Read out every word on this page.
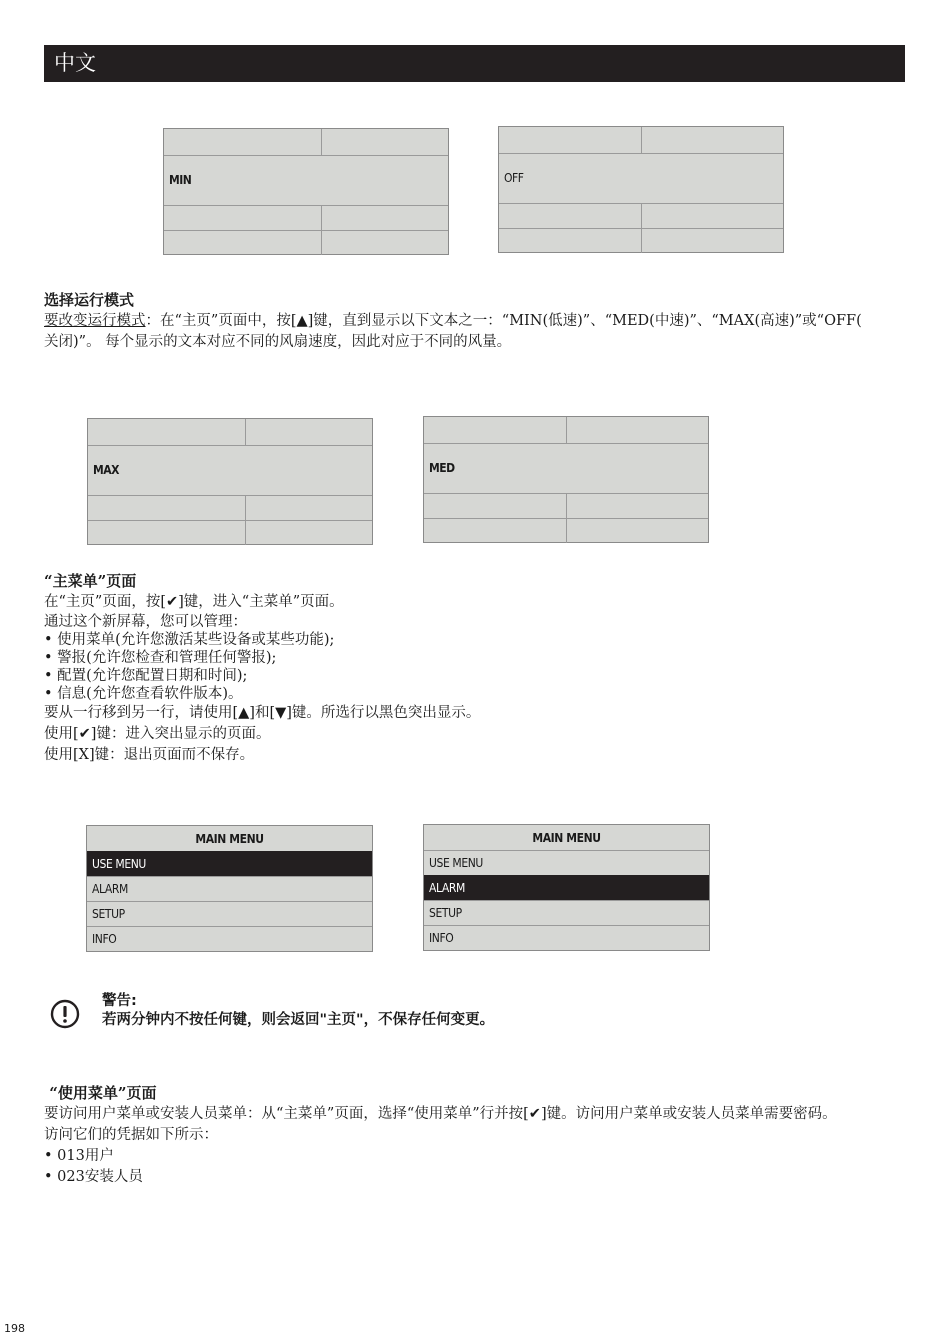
中文
MIN	OFF
选择运行模式
要改变运行模式：在“主页”页面中，按[▲]键，直到显示以下文本之一：“MIN(低速)”、“MED(中速)”、“MAX(高速)”或“OFF(
关闭)”。 每个显示的文本对应不同的风扇速度，因此对应于不同的风量。
MAX	MED
“主菜单”页面
在“主页”页面，按[✔]键，进入“主菜单”页面。
通过这个新屏幕，您可以管理：
• 使用菜单(允许您激活某些设备或某些功能);
• 警报(允许您检查和管理任何警报);
• 配置(允许您配置日期和时间);
• 信息(允许您查看软件版本)。
要从一行移到另一行，请使用[▲]和[▼]键。所选行以黑色突出显示。
使用[✔]键：进入突出显示的页面。
使用[X]键：退出页面而不保存。
MAIN MENU
USE MENU
ALARM
SETUP
INFO
MAIN MENU
USE MENU
ALARM
SETUP
INFO
警告:
若两分钟内不按任何键，则会返回"主页"，不保存任何变更。
“使用菜单”页面
要访问用户菜单或安装人员菜单：从“主菜单”页面，选择“使用菜单”行并按[✔]键。访问用户菜单或安装人员菜单需要密码。
访问它们的凭据如下所示：
• 013用户
• 023安装人员
198
